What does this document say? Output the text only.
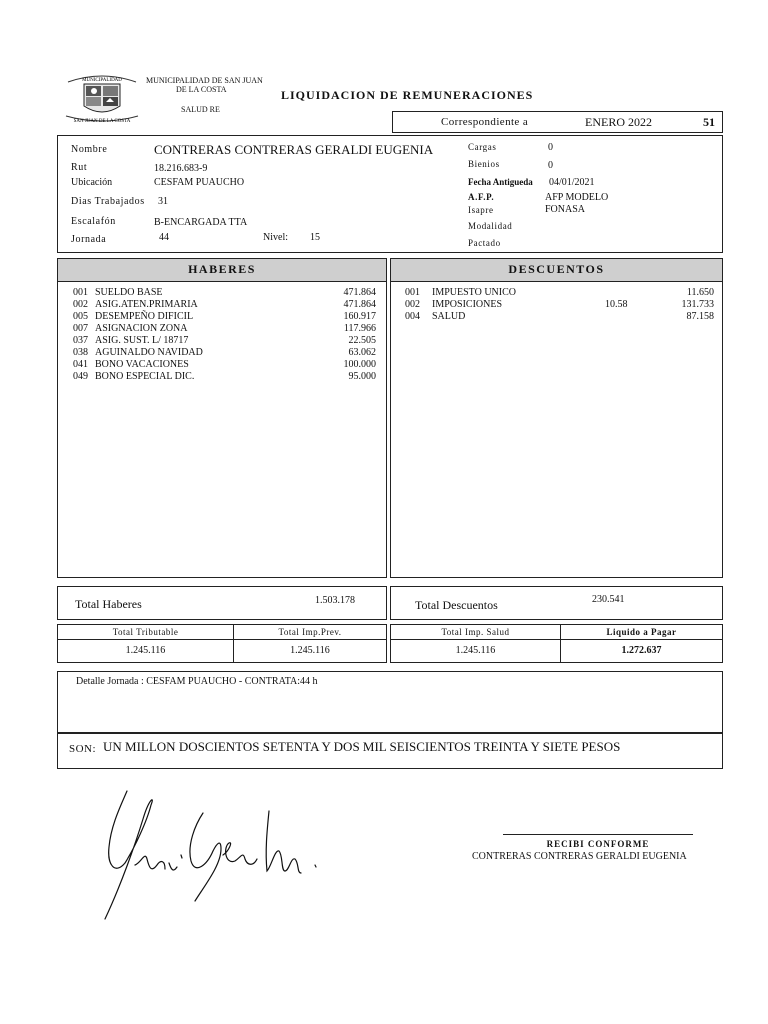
MUNICIPALIDAD
SAN JUAN DE LA COSTA
MUNICIPALIDAD DE SAN JUAN
DE LA COSTA
SALUD RE
LIQUIDACION DE REMUNERACIONES
Correspondiente a	ENERO 2022	51
Nombre	CONTRERAS CONTRERAS GERALDI EUGENIA
Rut	18.216.683-9
Ubicación	CESFAM PUAUCHO
Dias Trabajados 31
Escalafón	B-ENCARGADA TTA
Jornada	44	Nivel: 15
Cargas	0
Bienios	0
Fecha Antigueda 04/01/2021
A.F.P.	AFP MODELO
Isapre	FONASA
Modalidad
Pactado
HABERES
001 SUELDO BASE	471.864
002 ASIG.ATEN.PRIMARIA	471.864
005 DESEMPEÑO DIFICIL	160.917
007 ASIGNACION ZONA	117.966
037 ASIG. SUST. L/ 18717	22.505
038 AGUINALDO NAVIDAD	63.062
041 BONO VACACIONES	100.000
049 BONO ESPECIAL DIC.	95.000
DESCUENTOS
001 IMPUESTO UNICO	11.650
002 IMPOSICIONES	10.58	131.733
004 SALUD	87.158
Total Haberes	1.503.178	Total Descuentos	230.541
Total Tributable	Total Imp.Prev.
1.245.116	1.245.116
Total Imp. Salud	Liquido a Pagar
1.245.116	1.272.637
Detalle Jornada : CESFAM PUAUCHO - CONTRATA:44 h
SON: UN MILLON DOSCIENTOS SETENTA Y DOS MIL SEISCIENTOS TREINTA Y SIETE PESOS
RECIBI CONFORME
CONTRERAS CONTRERAS GERALDI EUGENIA
